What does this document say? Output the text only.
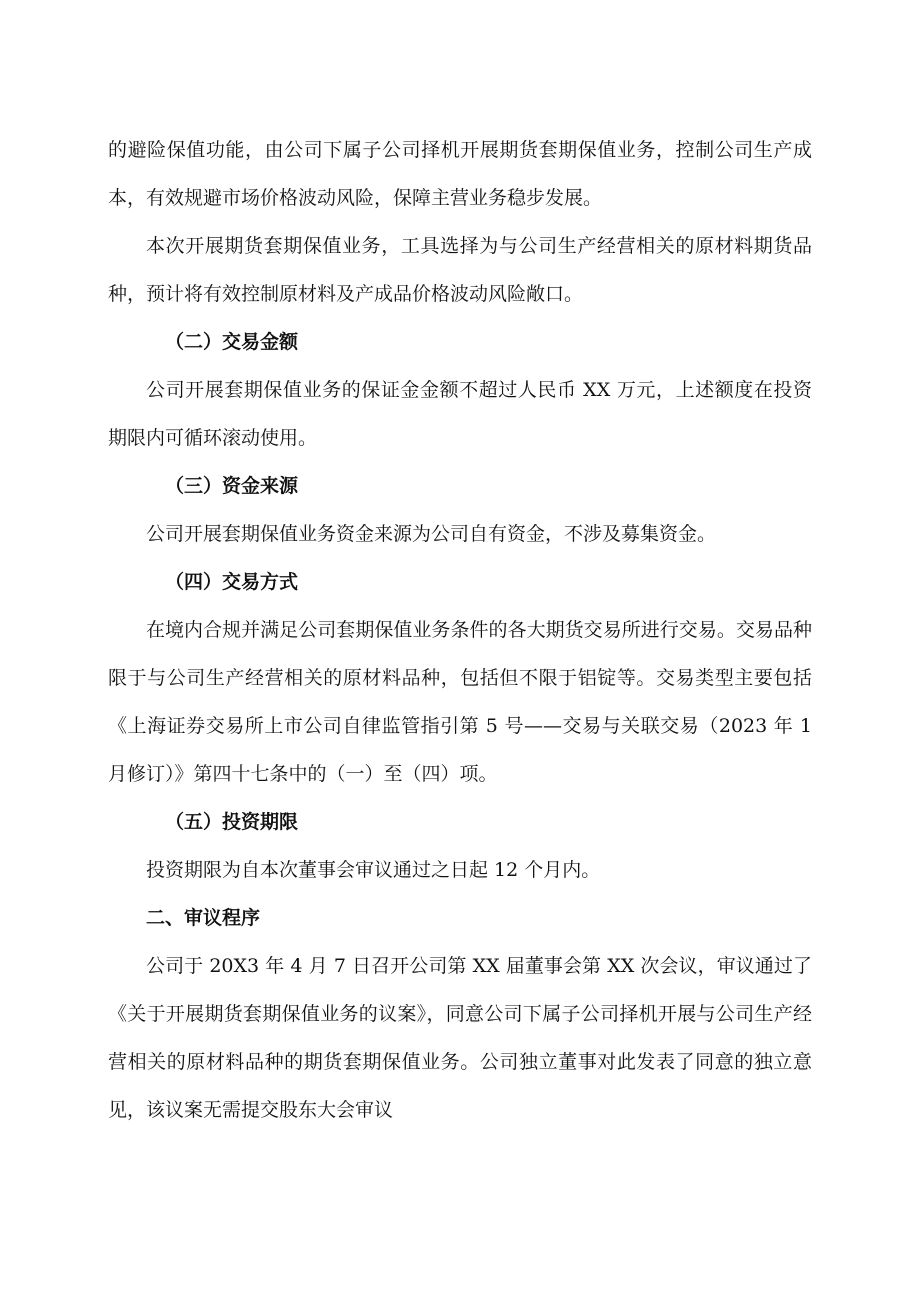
的避险保值功能，由公司下属子公司择机开展期货套期保值业务，控制公司生产成本，有效规避市场价格波动风险，保障主营业务稳步发展。

本次开展期货套期保值业务，工具选择为与公司生产经营相关的原材料期货品种，预计将有效控制原材料及产成品价格波动风险敞口。

（二）交易金额

公司开展套期保值业务的保证金金额不超过人民币 XX 万元，上述额度在投资期限内可循环滚动使用。

（三）资金来源

公司开展套期保值业务资金来源为公司自有资金，不涉及募集资金。

（四）交易方式

在境内合规并满足公司套期保值业务条件的各大期货交易所进行交易。交易品种限于与公司生产经营相关的原材料品种，包括但不限于铝锭等。交易类型主要包括《上海证券交易所上市公司自律监管指引第 5 号——交易与关联交易（2023 年 1 月修订）》第四十七条中的（一）至（四）项。

（五）投资期限

投资期限为自本次董事会审议通过之日起 12 个月内。

二、审议程序

公司于 20X3 年 4 月 7 日召开公司第 XX 届董事会第 XX 次会议，审议通过了《关于开展期货套期保值业务的议案》，同意公司下属子公司择机开展与公司生产经营相关的原材料品种的期货套期保值业务。公司独立董事对此发表了同意的独立意见，该议案无需提交股东大会审议
